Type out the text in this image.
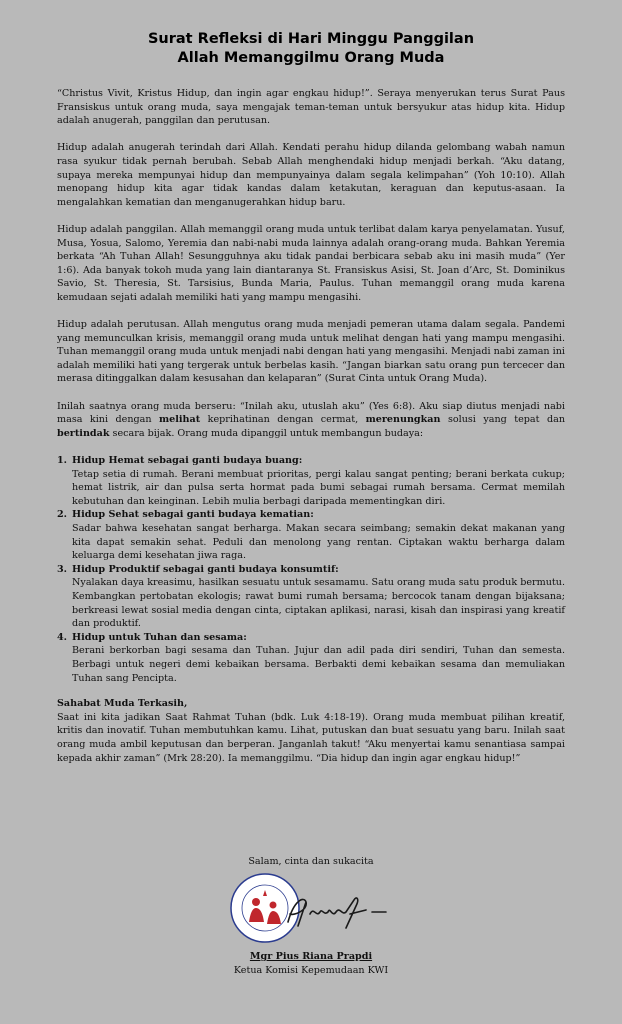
Surat Refleksi di Hari Minggu Panggilan
Allah Memanggilmu Orang Muda

“Christus Vivit, Kristus Hidup, dan ingin agar engkau hidup!”. Seraya menyerukan terus Surat Paus Fransiskus untuk orang muda, saya mengajak teman-teman untuk bersyukur atas hidup kita. Hidup adalah anugerah, panggilan dan perutusan.

Hidup adalah anugerah terindah dari Allah. Kendati perahu hidup dilanda gelombang wabah namun rasa syukur tidak pernah berubah. Sebab Allah menghendaki hidup menjadi berkah. “Aku datang, supaya mereka mempunyai hidup dan mempunyainya dalam segala kelimpahan” (Yoh 10:10). Allah menopang hidup kita agar tidak kandas dalam ketakutan, keraguan dan keputus-asaan. Ia mengalahkan kematian dan menganugerahkan hidup baru.

Hidup adalah panggilan. Allah memanggil orang muda untuk terlibat dalam karya penyelamatan. Yusuf, Musa, Yosua, Salomo, Yeremia dan nabi-nabi muda lainnya adalah orang-orang muda. Bahkan Yeremia berkata “Ah Tuhan Allah! Sesungguhnya aku tidak pandai berbicara sebab aku ini masih muda” (Yer 1:6). Ada banyak tokoh muda yang lain diantaranya St. Fransiskus Asisi, St. Joan d’Arc, St. Dominikus Savio, St. Theresia, St. Tarsisius, Bunda Maria, Paulus. Tuhan memanggil orang muda karena kemudaan sejati adalah memiliki hati yang mampu mengasihi.

Hidup adalah perutusan. Allah mengutus orang muda menjadi pemeran utama dalam segala. Pandemi yang memunculkan krisis, memanggil orang muda untuk melihat dengan hati yang mampu mengasihi. Tuhan memanggil orang muda untuk menjadi nabi dengan hati yang mengasihi. Menjadi nabi zaman ini adalah memiliki hati yang tergerak untuk berbelas kasih. “Jangan biarkan satu orang pun tercecer dan merasa ditinggalkan dalam kesusahan dan kelaparan” (Surat Cinta untuk Orang Muda).

Inilah saatnya orang muda berseru: “Inilah aku, utuslah aku” (Yes 6:8). Aku siap diutus menjadi nabi masa kini dengan melihat keprihatinan dengan cermat, merenungkan solusi yang tepat dan bertindak secara bijak. Orang muda dipanggil untuk membangun budaya:

1. Hidup Hemat sebagai ganti budaya buang:
Tetap setia di rumah. Berani membuat prioritas, pergi kalau sangat penting; berani berkata cukup; hemat listrik, air dan pulsa serta hormat pada bumi sebagai rumah bersama. Cermat memilah kebutuhan dan keinginan. Lebih mulia berbagi daripada mementingkan diri.
2. Hidup Sehat sebagai ganti budaya kematian:
Sadar bahwa kesehatan sangat berharga. Makan secara seimbang; semakin dekat makanan yang kita dapat semakin sehat. Peduli dan menolong yang rentan. Ciptakan waktu berharga dalam keluarga demi kesehatan jiwa raga.
3. Hidup Produktif sebagai ganti budaya konsumtif:
Nyalakan daya kreasimu, hasilkan sesuatu untuk sesamamu. Satu orang muda satu produk bermutu. Kembangkan pertobatan ekologis; rawat bumi rumah bersama; bercocok tanam dengan bijaksana; berkreasi lewat sosial media dengan cinta, ciptakan aplikasi, narasi, kisah dan inspirasi yang kreatif dan produktif.
4. Hidup untuk Tuhan dan sesama:
Berani berkorban bagi sesama dan Tuhan. Jujur dan adil pada diri sendiri, Tuhan dan semesta. Berbagi untuk negeri demi kebaikan bersama. Berbakti demi kebaikan sesama dan memuliakan Tuhan sang Pencipta.

Sahabat Muda Terkasih,
Saat ini kita jadikan Saat Rahmat Tuhan (bdk. Luk 4:18-19). Orang muda membuat pilihan kreatif, kritis dan inovatif. Tuhan membutuhkan kamu. Lihat, putuskan dan buat sesuatu yang baru. Inilah saat orang muda ambil keputusan dan berperan. Janganlah takut! “Aku menyertai kamu senantiasa sampai kepada akhir zaman” (Mrk 28:20). Ia memanggilmu. “Dia hidup dan ingin agar engkau hidup!”

Salam, cinta dan sukacita
Mgr Pius Riana Prapdi
Ketua Komisi Kepemudaan KWI
